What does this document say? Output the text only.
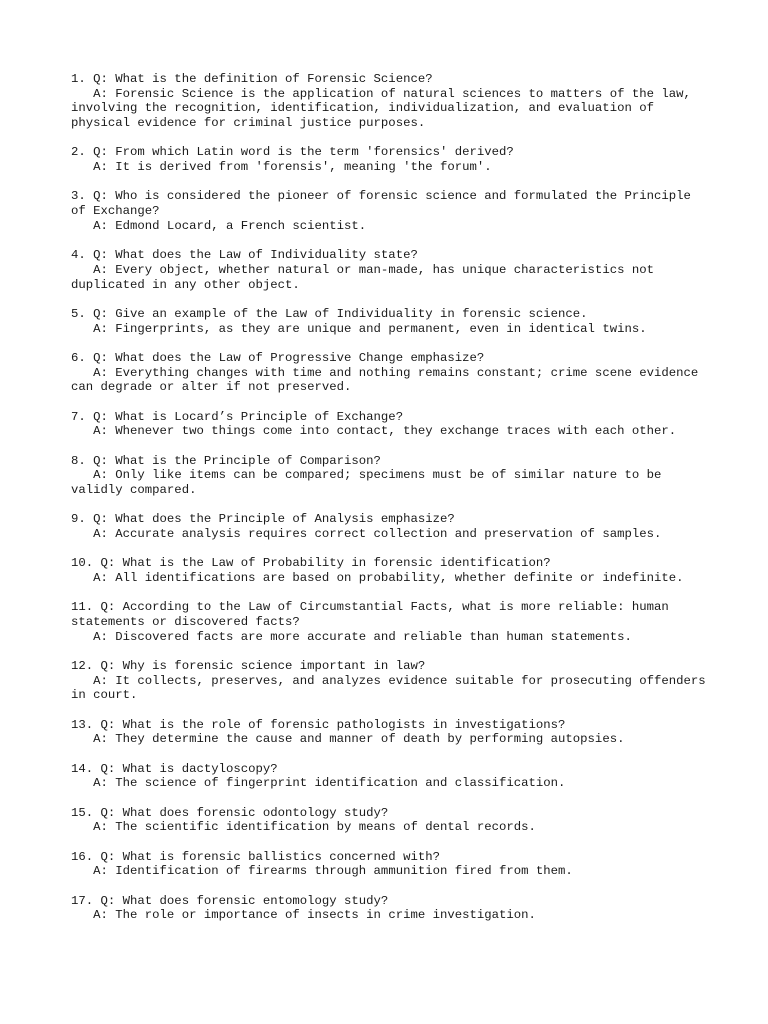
1. Q: What is the definition of Forensic Science?
A: Forensic Science is the application of natural sciences to matters of the law, involving the recognition, identification, individualization, and evaluation of physical evidence for criminal justice purposes.
2. Q: From which Latin word is the term 'forensics' derived?
A: It is derived from 'forensis', meaning 'the forum'.
3. Q: Who is considered the pioneer of forensic science and formulated the Principle of Exchange?
A: Edmond Locard, a French scientist.
4. Q: What does the Law of Individuality state?
A: Every object, whether natural or man-made, has unique characteristics not duplicated in any other object.
5. Q: Give an example of the Law of Individuality in forensic science.
A: Fingerprints, as they are unique and permanent, even in identical twins.
6. Q: What does the Law of Progressive Change emphasize?
A: Everything changes with time and nothing remains constant; crime scene evidence can degrade or alter if not preserved.
7. Q: What is Locard’s Principle of Exchange?
A: Whenever two things come into contact, they exchange traces with each other.
8. Q: What is the Principle of Comparison?
A: Only like items can be compared; specimens must be of similar nature to be validly compared.
9. Q: What does the Principle of Analysis emphasize?
A: Accurate analysis requires correct collection and preservation of samples.
10. Q: What is the Law of Probability in forensic identification?
A: All identifications are based on probability, whether definite or indefinite.
11. Q: According to the Law of Circumstantial Facts, what is more reliable: human statements or discovered facts?
A: Discovered facts are more accurate and reliable than human statements.
12. Q: Why is forensic science important in law?
A: It collects, preserves, and analyzes evidence suitable for prosecuting offenders in court.
13. Q: What is the role of forensic pathologists in investigations?
A: They determine the cause and manner of death by performing autopsies.
14. Q: What is dactyloscopy?
A: The science of fingerprint identification and classification.
15. Q: What does forensic odontology study?
A: The scientific identification by means of dental records.
16. Q: What is forensic ballistics concerned with?
A: Identification of firearms through ammunition fired from them.
17. Q: What does forensic entomology study?
A: The role or importance of insects in crime investigation.
